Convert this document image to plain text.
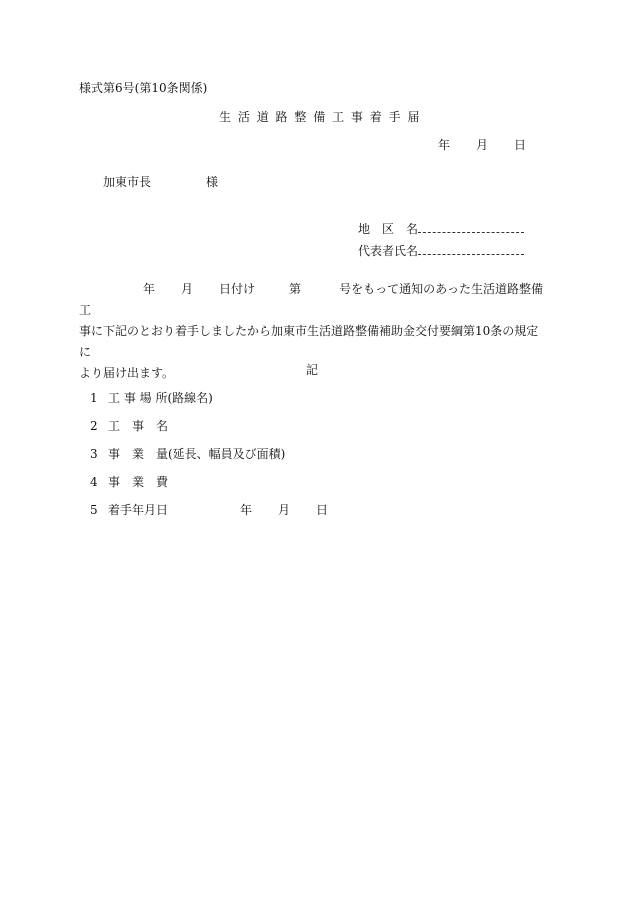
様式第6号(第10条関係)
生 活 道 路 整 備 工 事 着 手 届
年 月 日
加東市長	様
地　区　名
代表者氏名

年 月 日付け	第	号をもって通知のあった生活道路整備工

事に下記のとおり着手しましたから加東市生活道路整備補助金交付要綱第10条の規定に

より届け出ます。	記
1 工 事 場 所(路線名)
2 工　事　名
3 事　業　量(延長、幅員及び面積)
4 事　業　費
5 着手年月日	年 月 日
